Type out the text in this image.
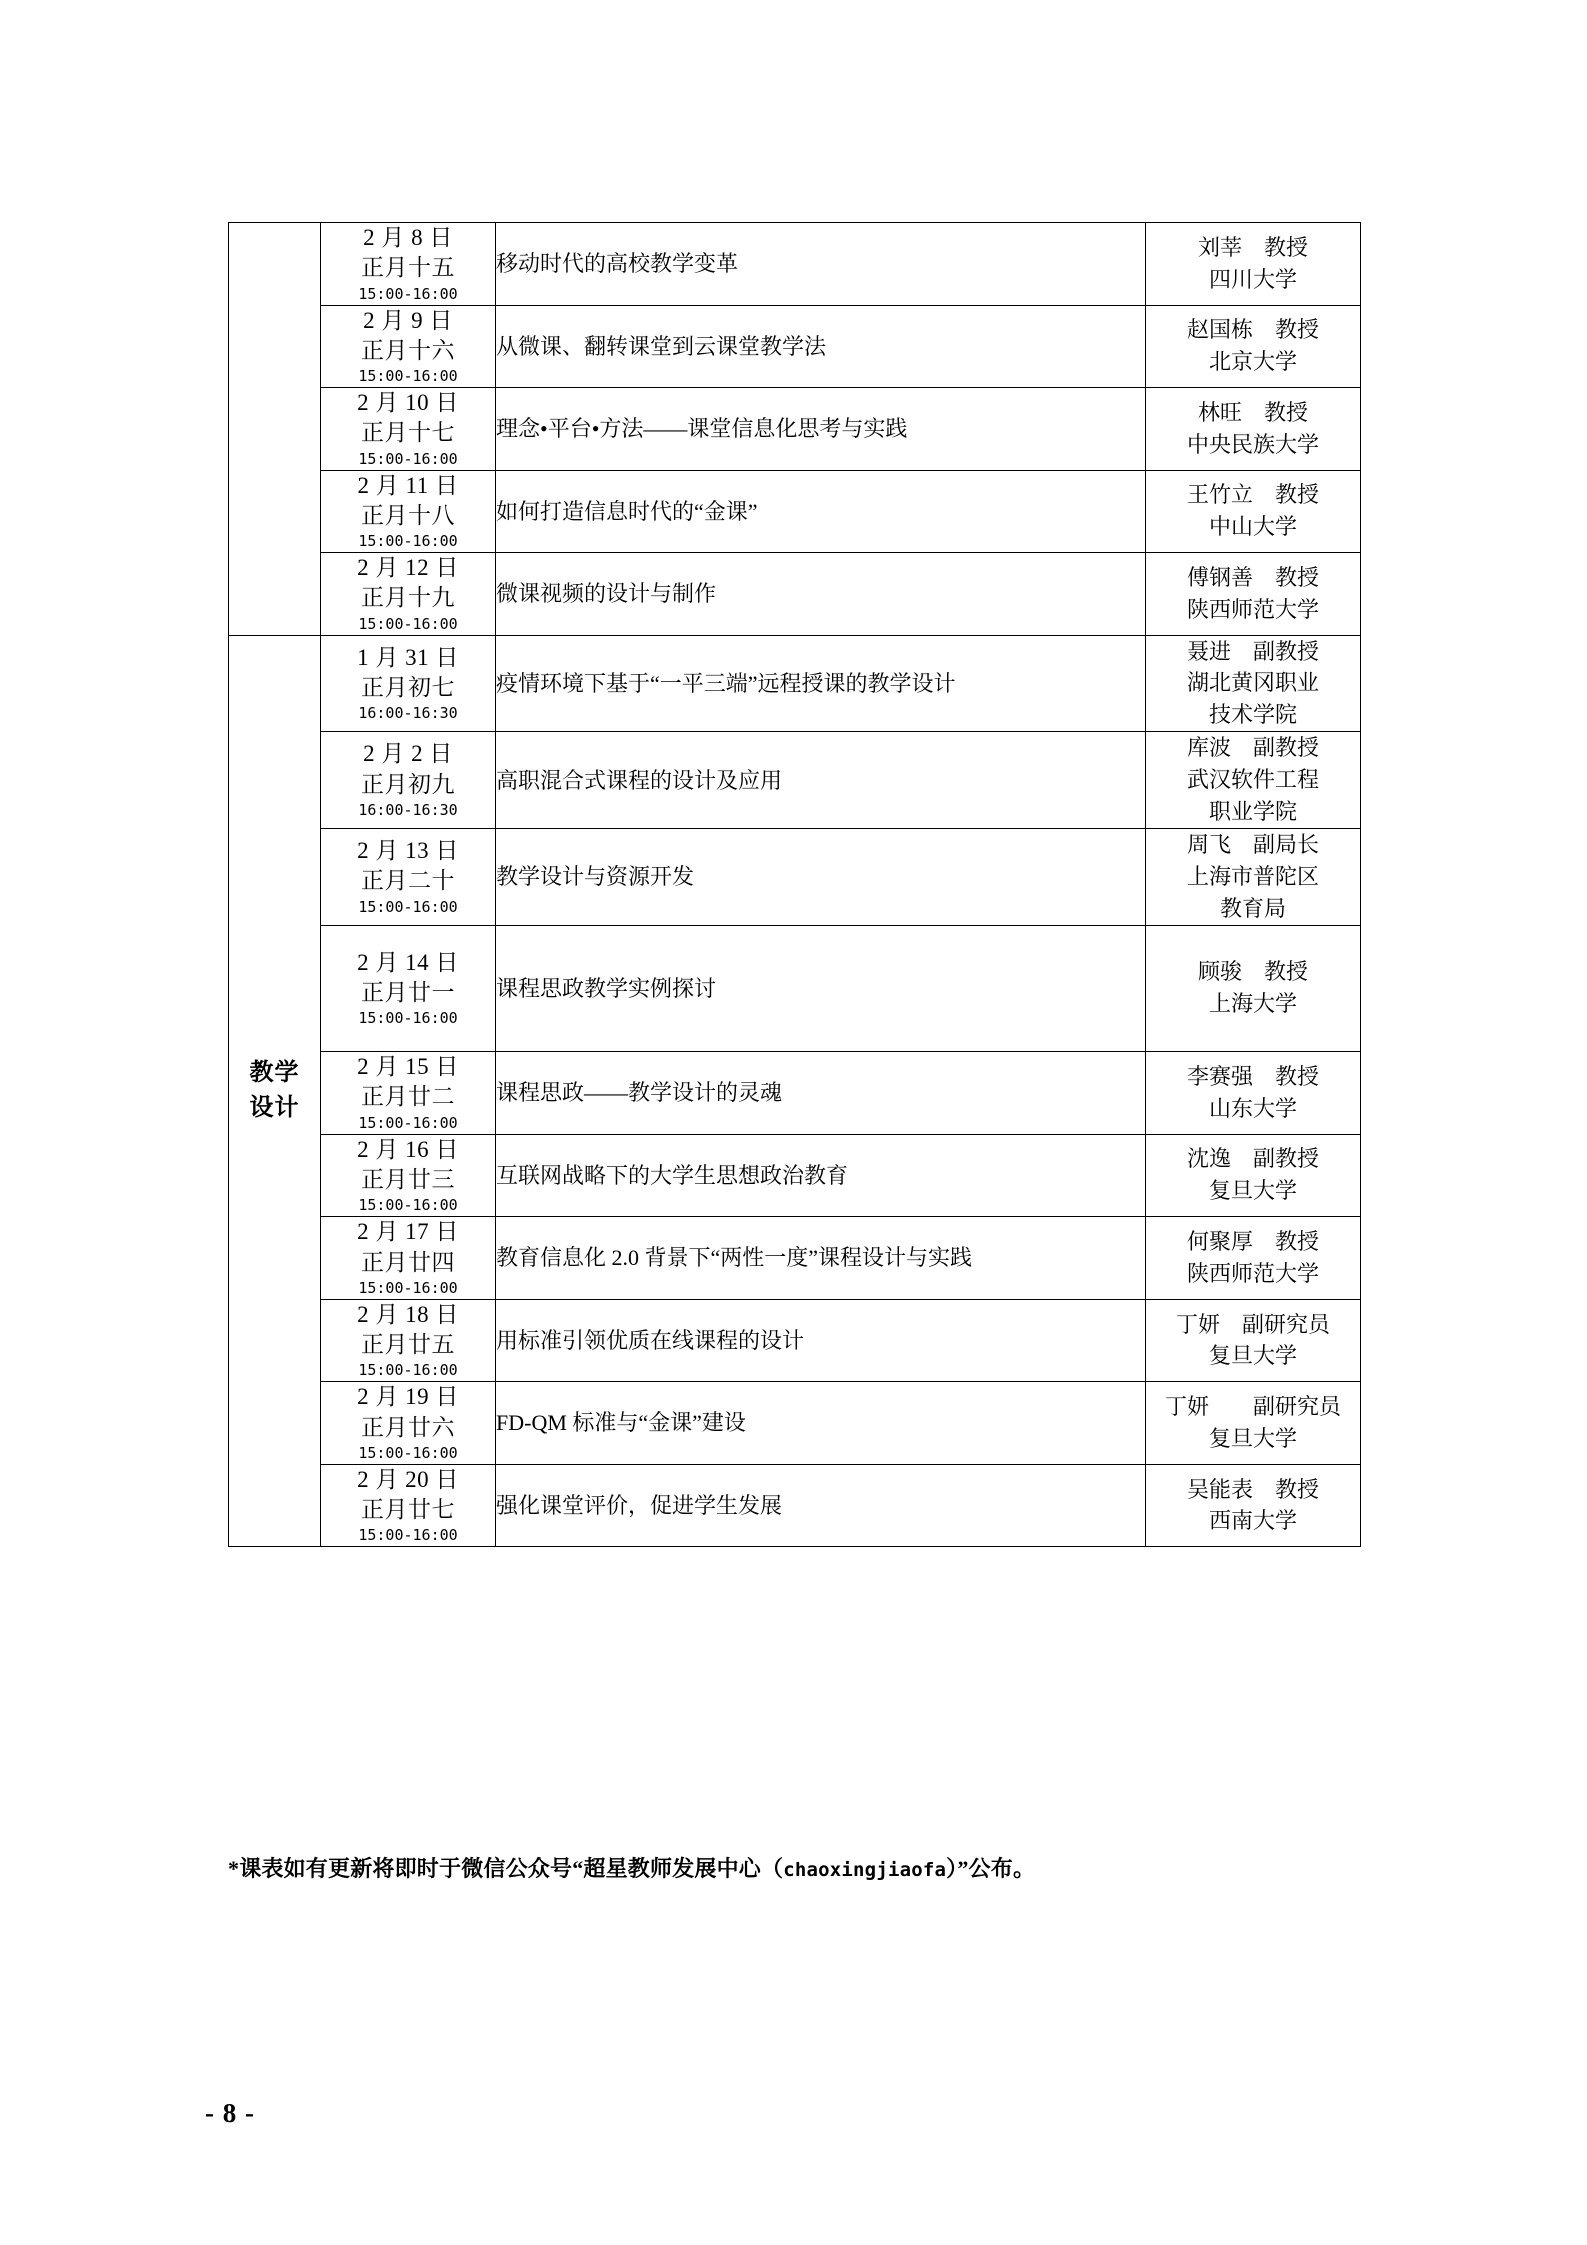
2 月 8 日
正月十五
15:00-16:00
	移动时代的高校教学变革	
刘莘　教授
四川大学

2 月 9 日
正月十六
15:00-16:00
	从微课、翻转课堂到云课堂教学法	
赵国栋　教授
北京大学

2 月 10 日
正月十七
15:00-16:00
	理念•平台•方法——课堂信息化思考与实践	
林旺　教授
中央民族大学

2 月 11 日
正月十八
15:00-16:00
	如何打造信息时代的“金课”	
王竹立　教授
中山大学

2 月 12 日
正月十九
15:00-16:00
	微课视频的设计与制作	
傅钢善　教授
陕西师范大学

教学
设计

1 月 31 日
正月初七
16:00-16:30
	疫情环境下基于“一平三端”远程授课的教学设计	
聂进　副教授
湖北黄冈职业
技术学院

2 月 2 日
正月初九
16:00-16:30
	高职混合式课程的设计及应用	
库波　副教授
武汉软件工程
职业学院

2 月 13 日
正月二十
15:00-16:00
	教学设计与资源开发	
周飞　副局长
上海市普陀区
教育局

2 月 14 日
正月廿一
15:00-16:00
	课程思政教学实例探讨	
顾骏　教授
上海大学

2 月 15 日
正月廿二
15:00-16:00
	课程思政——教学设计的灵魂	
李赛强　教授
山东大学

2 月 16 日
正月廿三
15:00-16:00
	互联网战略下的大学生思想政治教育	
沈逸　副教授
复旦大学

2 月 17 日
正月廿四
15:00-16:00
	教育信息化 2.0 背景下“两性一度”课程设计与实践	
何聚厚　教授
陕西师范大学

2 月 18 日
正月廿五
15:00-16:00
	用标准引领优质在线课程的设计	
丁妍　副研究员
复旦大学

2 月 19 日
正月廿六
15:00-16:00
	FD-QM 标准与“金课”建设	
丁妍　　副研究员
复旦大学

2 月 20 日
正月廿七
15:00-16:00
	强化课堂评价，促进学生发展	
吴能表　教授
西南大学
*课表如有更新将即时于微信公众号“超星教师发展中心（chaoxingjiaofa）”公布。
- 8 -
